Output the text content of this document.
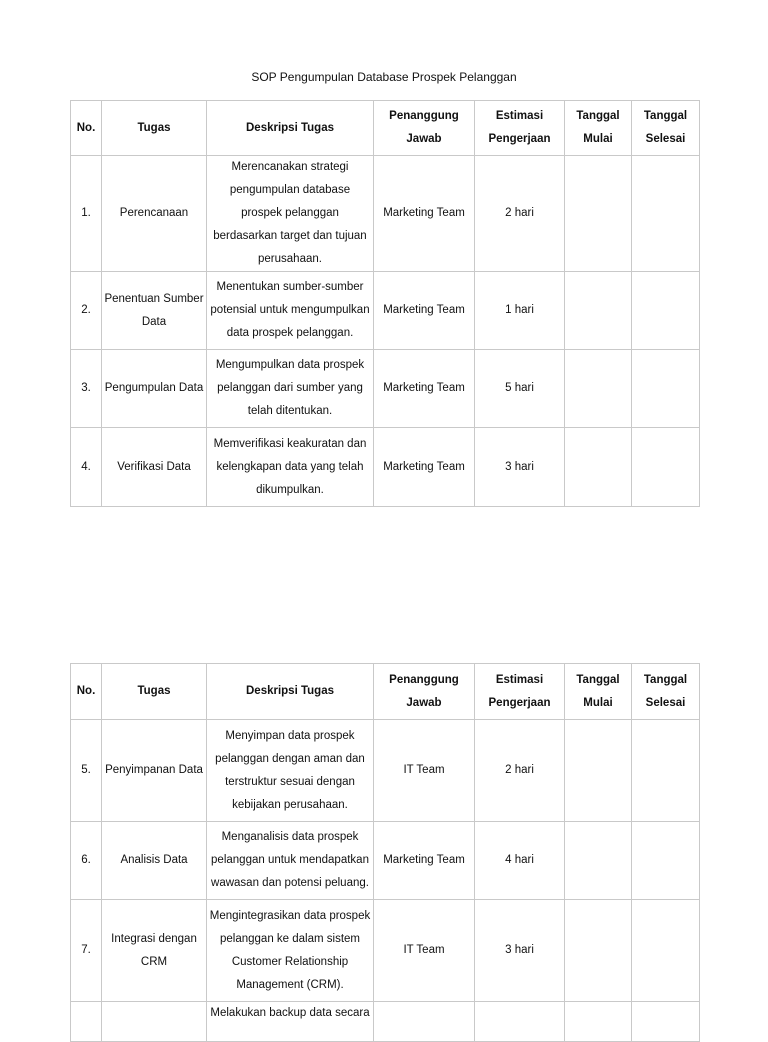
SOP Pengumpulan Database Prospek Pelanggan
No.	Tugas	Deskripsi Tugas	Penanggung Jawab	Estimasi Pengerjaan	Tanggal Mulai	Tanggal Selesai
1.	Perencanaan	Merencanakan strategi pengumpulan database prospek pelanggan berdasarkan target dan tujuan perusahaan.	Marketing Team	2 hari		
2.	Penentuan Sumber Data	Menentukan sumber-sumber potensial untuk mengumpulkan data prospek pelanggan.	Marketing Team	1 hari		
3.	Pengumpulan Data	Mengumpulkan data prospek pelanggan dari sumber yang telah ditentukan.	Marketing Team	5 hari		
4.	Verifikasi Data	Memverifikasi keakuratan dan kelengkapan data yang telah dikumpulkan.	Marketing Team	3 hari		
No.	Tugas	Deskripsi Tugas	Penanggung Jawab	Estimasi Pengerjaan	Tanggal Mulai	Tanggal Selesai
5.	Penyimpanan Data	Menyimpan data prospek pelanggan dengan aman dan terstruktur sesuai dengan kebijakan perusahaan.	IT Team	2 hari		
6.	Analisis Data	Menganalisis data prospek pelanggan untuk mendapatkan wawasan dan potensi peluang.	Marketing Team	4 hari		
7.	Integrasi dengan CRM	Mengintegrasikan data prospek pelanggan ke dalam sistem Customer Relationship Management (CRM).	IT Team	3 hari		
		Melakukan backup data secara				
